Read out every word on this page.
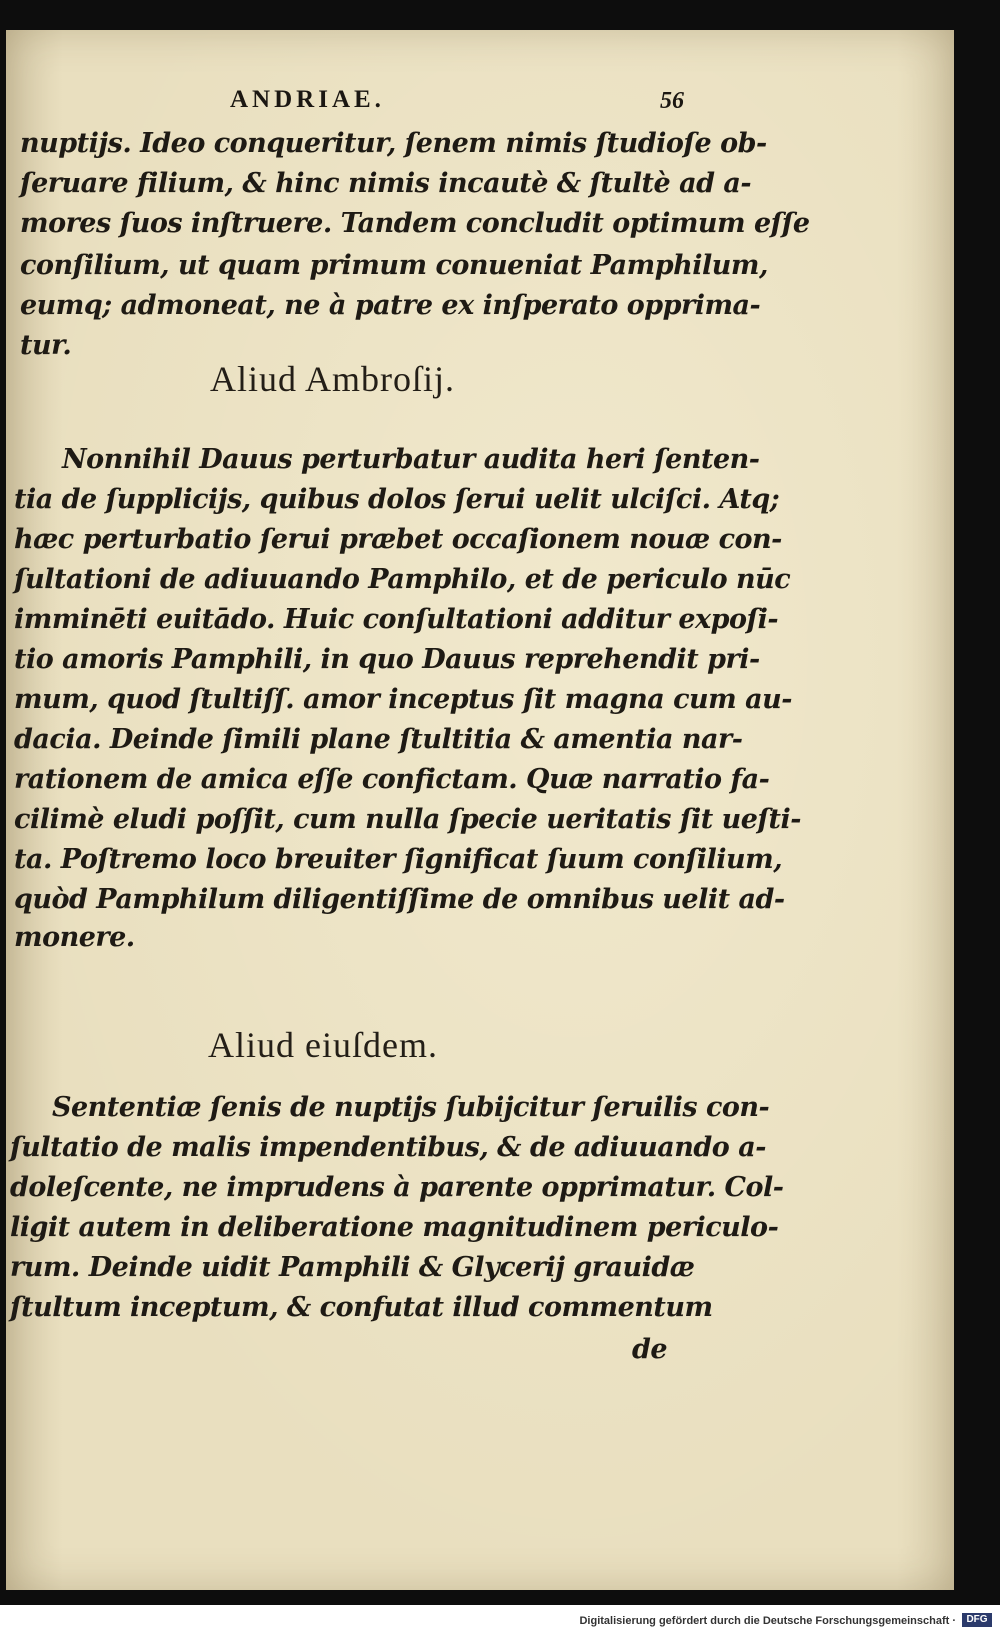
ANDRIAE.	56
nuptijs. Ideo conqueritur, ſenem nimis ſtudioſe ob-
ſeruare filium, & hinc nimis incautè & ſtultè ad a-
mores ſuos inſtruere. Tandem concludit optimum eſſe
conſilium, ut quam primum conueniat Pamphilum,
eumq; admoneat, ne à patre ex inſperato opprima-
tur.
Aliud Ambroſij.
Nonnihil Dauus perturbatur audita heri ſenten-
tia de ſupplicijs, quibus dolos ſerui uelit ulciſci. Atq;
hæc perturbatio ſerui præbet occaſionem nouæ con-
ſultationi de adiuuando Pamphilo, et de periculo nūc
imminēti euitādo. Huic conſultationi additur expoſi-
tio amoris Pamphili, in quo Dauus reprehendit pri-
mum, quod ſtultiſſ. amor inceptus ſit magna cum au-
dacia. Deinde ſimili plane ſtultitia & amentia nar-
rationem de amica eſſe confictam. Quæ narratio fa-
cilimè eludi poſſit, cum nulla ſpecie ueritatis ſit ueſti-
ta. Poſtremo loco breuiter ſignificat ſuum conſilium,
quòd Pamphilum diligentiſſime de omnibus uelit ad-
monere.
Aliud eiuſdem.
Sententiæ ſenis de nuptijs ſubijcitur ſeruilis con-
ſultatio de malis impendentibus, & de adiuuando a-
doleſcente, ne imprudens à parente opprimatur. Col-
ligit autem in deliberatione magnitudinem periculo-
rum. Deinde uidit Pamphili & Glycerij grauidæ
ſtultum inceptum, & confutat illud commentum
de
Digitalisierung gefördert durch die Deutsche Forschungsgemeinschaft ·	DFG
